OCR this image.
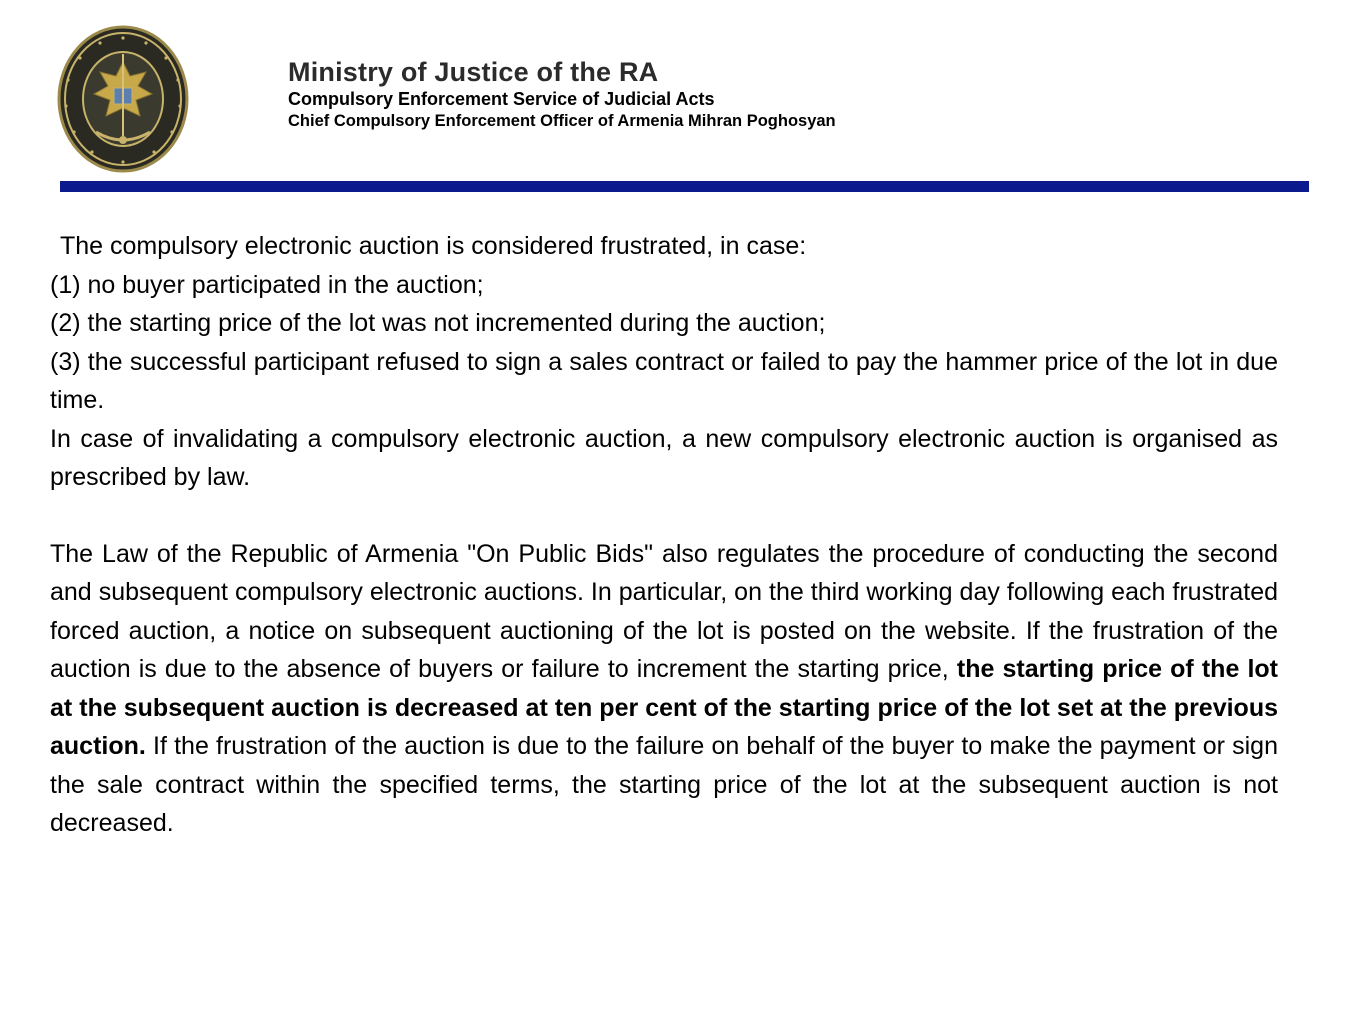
Ministry of Justice of the RA
Compulsory Enforcement Service of Judicial Acts
Chief Compulsory Enforcement Officer of Armenia Mihran Poghosyan

The compulsory electronic auction is considered frustrated, in case:

(1) no buyer participated in the auction;

(2) the starting price of the lot was not incremented during the auction;

(3) the successful participant refused to sign a sales contract or failed to pay the hammer price of the lot in due time.

In case of invalidating a compulsory electronic auction, a new compulsory electronic auction is organised as prescribed by law.

The Law of the Republic of Armenia "On Public Bids" also regulates the procedure of conducting the second and subsequent compulsory electronic auctions. In particular, on the third working day following each frustrated forced auction, a notice on subsequent auctioning of the lot is posted on the website. If the frustration of the auction is due to the absence of buyers or failure to increment the starting price, the starting price of the lot at the subsequent auction is decreased at ten per cent of the starting price of the lot set at the previous auction. If the frustration of the auction is due to the failure on behalf of the buyer to make the payment or sign the sale contract within the specified terms, the starting price of the lot at the subsequent auction is not decreased.
